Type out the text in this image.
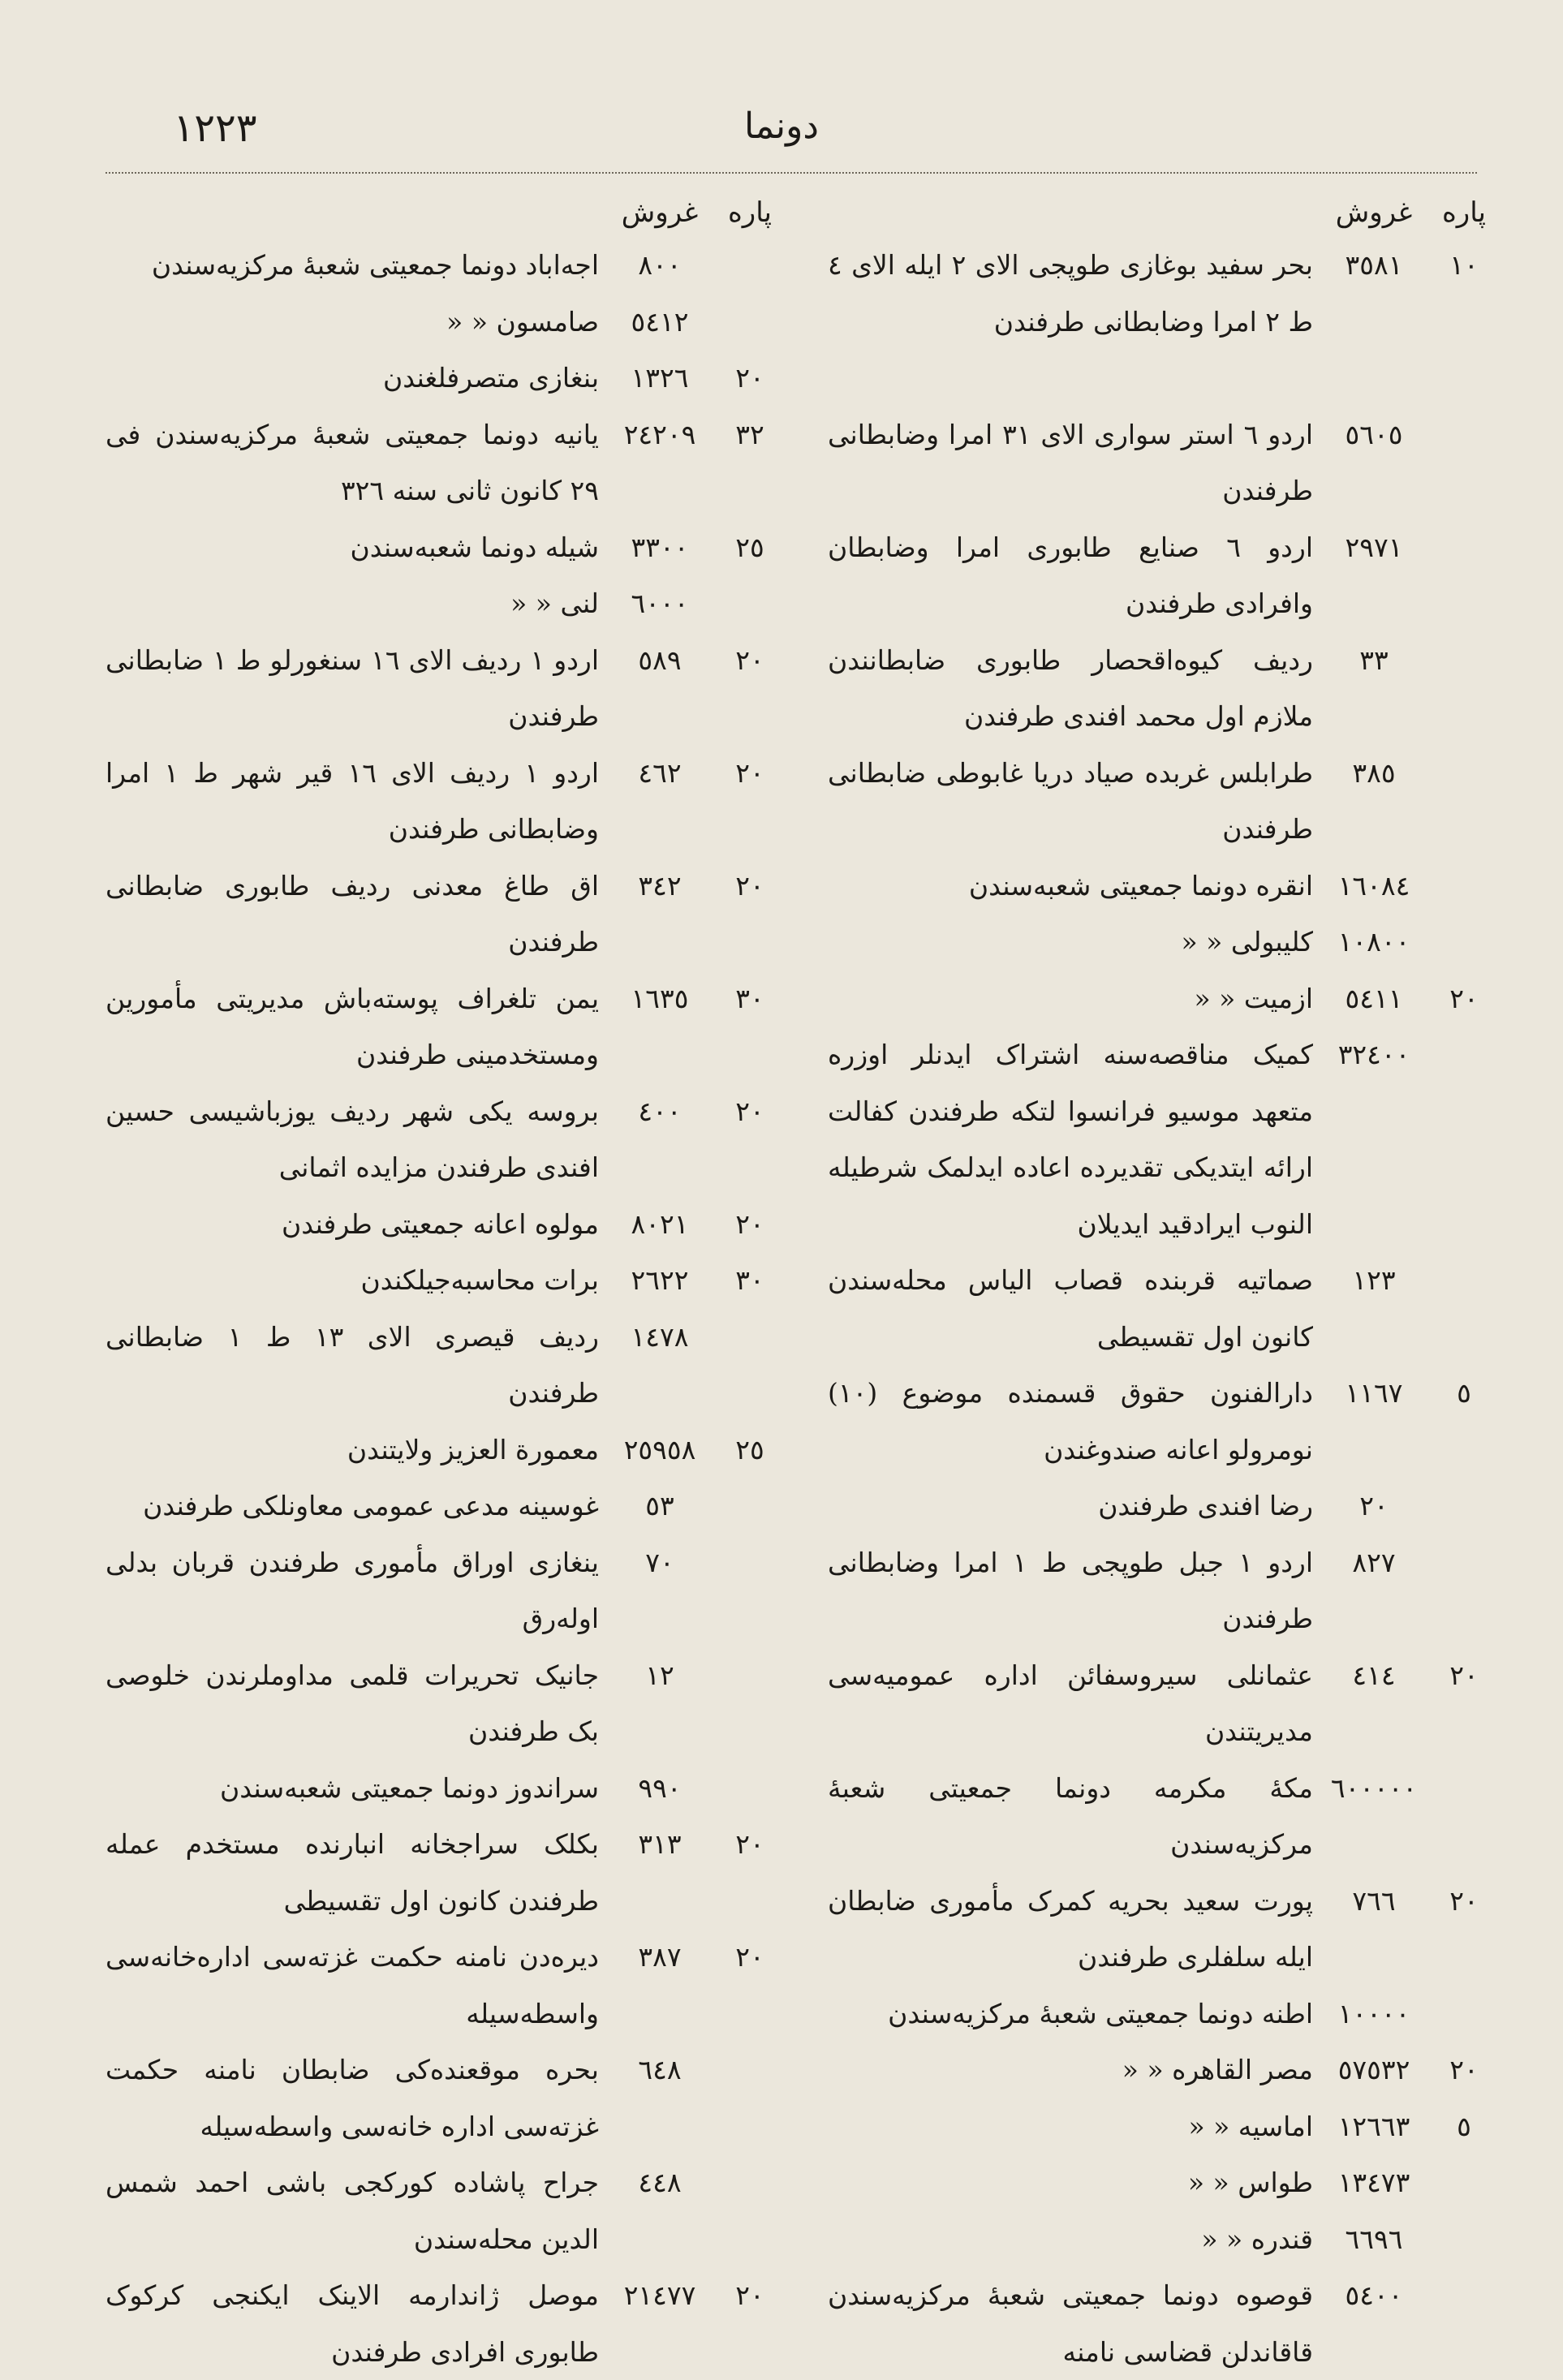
دونما
۱۲۲۳
پاره
غروش
١٠
٣٥٨١
بحر سفید بوغازی طوپجی الای ٢ ایله الای ٤ ط ٢ امرا وضابطانی طرفندن
٥٦٠٥
اردو ٦ استر سواری الای ٣١ امرا وضابطانی طرفندن
٢٩٧١
اردو ٦ صنایع طابوری امرا وضابطان وافرادی طرفندن
٣٣
ردیف کیوه‌اقحصار طابوری ضابطانندن ملازم اول محمد افندی طرفندن
٣٨٥
طرابلس غربده صیاد دریا غابوطی ضابطانی طرفندن
١٦٠٨٤
انقره دونما جمعیتی شعبه‌سندن
١٠٨٠٠
کلیبولی « «
٢٠
٥٤١١
ازمیت « «
٣٢٤٠٠
کمیک مناقصه‌سنه اشتراک ایدنلر اوزره متعهد موسیو فرانسوا لتکه طرفندن کفالت ارائه ایتدیکی تقدیرده اعاده ایدلمک شرطیله النوب ایرادقید ایدیلان
١٢٣
صماتیه قربنده قصاب الیاس محله‌سندن کانون اول تقسیطی
٥
١١٦٧
دارالفنون حقوق قسمنده موضوع (١٠) نومرولو اعانه صندوغندن
٢٠
رضا افندی طرفندن
٨٢٧
اردو ١ جبل طوپجی ط ١ امرا وضابطانی طرفندن
٢٠
٤١٤
عثمانلی سیروسفائن اداره عمومیه‌سی مدیریتندن
٦٠٠٠٠٠
مکهٔ مکرمه دونما جمعیتی شعبهٔ مرکزیه‌سندن
٢٠
٧٦٦
پورت سعید بحریه کمرک مأموری ضابطان ایله سلفلری طرفندن
١٠٠٠٠
اطنه دونما جمعیتی شعبهٔ مرکزیه‌سندن
٢٠
٥٧٥٣٢
مصر القاهره « «
٥
١٢٦٦٣
اماسیه « «
١٣٤٧٣
طواس « «
٦٦٩٦
قندره « «
٥٤٠٠
قوصوه دونما جمعیتی شعبهٔ مرکزیه‌سندن قاقاندلن قضاسی نامنه
پاره
غروش
٨٠٠
اجه‌اباد دونما جمعیتی شعبهٔ مرکزیه‌سندن
٥٤١٢
صامسون « «
٢٠
١٣٢٦
بنغازی متصرفلغندن
٣٢
٢٤٢٠٩
یانیه دونما جمعیتی شعبهٔ مرکزیه‌سندن فی ٢٩ کانون ثانی سنه ٣٢٦
٢٥
٣٣٠٠
شیله دونما شعبه‌سندن
٦٠٠٠
لنی « «
٢٠
٥٨٩
اردو ١ ردیف الای ١٦ سنغورلو ط ١ ضابطانی طرفندن
٢٠
٤٦٢
اردو ١ ردیف الای ١٦ قیر شهر ط ١ امرا وضابطانی طرفندن
٢٠
٣٤٢
اق طاغ معدنی ردیف طابوری ضابطانی طرفندن
٣٠
١٦٣٥
یمن تلغراف پوسته‌باش مدیریتی مأمورین ومستخدمینی طرفندن
٢٠
٤٠٠
بروسه یکی شهر ردیف یوزباشیسی حسین افندی طرفندن مزایده اثمانی
٢٠
٨٠٢١
مولوه اعانه جمعیتی طرفندن
٣٠
٢٦٢٢
برات محاسبه‌جیلکندن
١٤٧٨
ردیف قیصری الای ١٣ ط ١ ضابطانی طرفندن
٢٥
٢٥٩٥٨
معمورة العزیز ولایتندن
٥٣
غوسینه مدعی عمومی معاونلکی طرفندن
٧٠
ینغازی اوراق مأموری طرفندن قربان بدلی اوله‌رق
١٢
جانیک تحریرات قلمی مداوملرندن خلوصی بک طرفندن
٩٩٠
سراندوز دونما جمعیتی شعبه‌سندن
٢٠
٣١٣
بکلک سراجخانه انبارنده مستخدم عمله طرفندن کانون اول تقسیطی
٢٠
٣٨٧
دیره‌دن نامنه حکمت غزته‌سی اداره‌خانه‌سی واسطه‌سیله
٦٤٨
بحره موقعنده‌کی ضابطان نامنه حکمت غزته‌سی اداره خانه‌سی واسطه‌سیله
٤٤٨
جراح پاشاده کورکجی باشی احمد شمس الدین محله‌سندن
٢٠
٢١٤٧٧
موصل ژاندارمه الاینک ایکنجی کرکوک طابوری افرادی طرفندن
